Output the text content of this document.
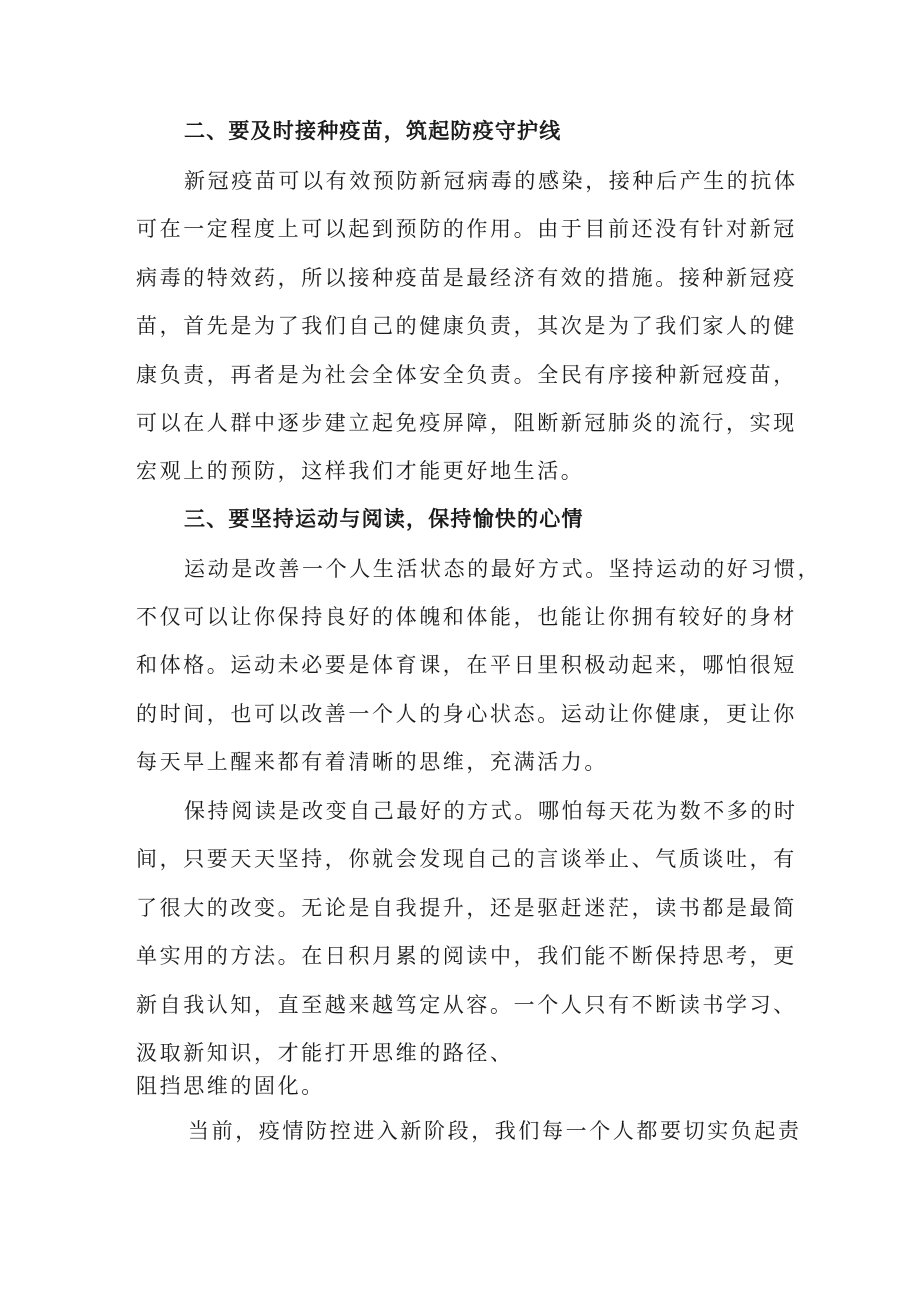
二、要及时接种疫苗，筑起防疫守护线
新冠疫苗可以有效预防新冠病毒的感染，接种后产生的抗体
可在一定程度上可以起到预防的作用。由于目前还没有针对新冠
病毒的特效药，所以接种疫苗是最经济有效的措施。接种新冠疫
苗，首先是为了我们自己的健康负责，其次是为了我们家人的健
康负责，再者是为社会全体安全负责。全民有序接种新冠疫苗，
可以在人群中逐步建立起免疫屏障，阻断新冠肺炎的流行，实现
宏观上的预防，这样我们才能更好地生活。
三、要坚持运动与阅读，保持愉快的心情
运动是改善一个人生活状态的最好方式。坚持运动的好习惯，
不仅可以让你保持良好的体魄和体能，也能让你拥有较好的身材
和体格。运动未必要是体育课，在平日里积极动起来，哪怕很短
的时间，也可以改善一个人的身心状态。运动让你健康，更让你
每天早上醒来都有着清晰的思维，充满活力。
保持阅读是改变自己最好的方式。哪怕每天花为数不多的时
间，只要天天坚持，你就会发现自己的言谈举止、气质谈吐，有
了很大的改变。无论是自我提升，还是驱赶迷茫，读书都是最简
单实用的方法。在日积月累的阅读中，我们能不断保持思考，更
新自我认知，直至越来越笃定从容。一个人只有不断读书学习、
汲取新知识，才能打开思维的路径、
阻挡思维的固化。
当前，疫情防控进入新阶段，我们每一个人都要切实负起责
